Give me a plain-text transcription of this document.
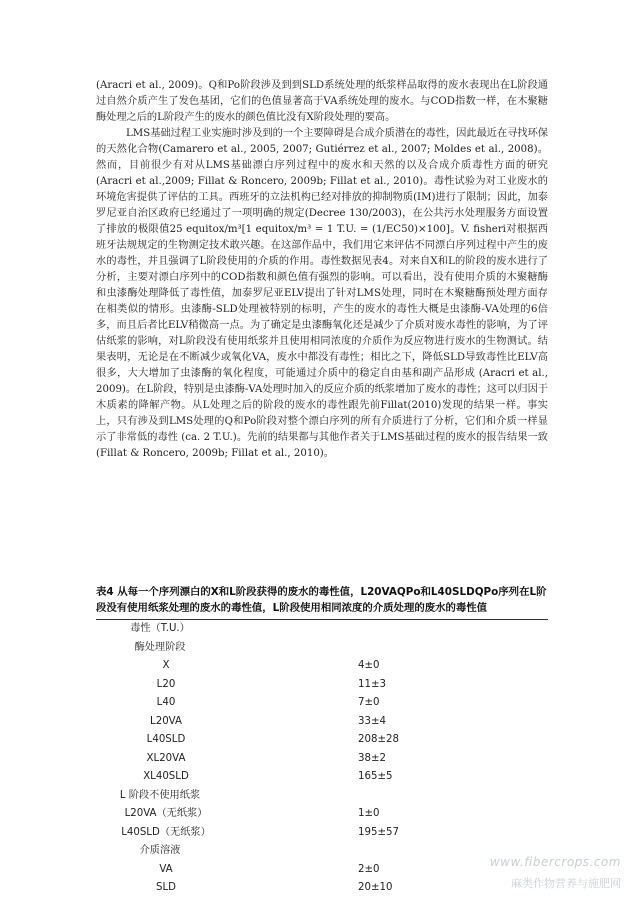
(Aracri et al., 2009)。Q和Po阶段涉及到到SLD系统处理的纸浆样品取得的废水表现出在L阶段通过自然介质产生了发色基团，它们的色值显著高于VA系统处理的废水。与COD指数一样，在木聚糖酶处理之后的L阶段产生的废水的颜色值比没有X阶段处理的要高。

LMS基础过程工业实施时涉及到的一个主要障碍是合成介质潜在的毒性，因此最近在寻找环保的天然化合物(Camarero et al., 2005, 2007; Gutiérrez et al., 2007; Moldes et al., 2008)。然而，目前很少有对从LMS基础漂白序列过程中的废水和天然的以及合成介质毒性方面的研究(Aracri et al.,2009; Fillat & Roncero, 2009b; Fillat et al., 2010)。毒性试验为对工业废水的环境危害提供了评估的工具。西班牙的立法机构已经对排放的抑制物质(IM)进行了限制；因此，加泰罗尼亚自治区政府已经通过了一项明确的规定(Decree 130/2003)，在公共污水处理服务方面设置了排放的极限值25 equitox/m³[1 equitox/m³ = 1 T.U. = (1/EC50)×100]。V. fisheri对根据西班牙法规规定的生物测定技术敢兴趣。在这部作品中，我们用它来评估不同漂白序列过程中产生的废水的毒性，并且强调了L阶段使用的介质的作用。毒性数据见表4。对来自X和L的阶段的废水进行了分析，主要对漂白序列中的COD指数和颜色值有强烈的影响。可以看出，没有使用介质的木聚糖酶和虫漆酶处理降低了毒性值，加泰罗尼亚ELV提出了针对LMS处理，同时在木聚糖酶预处理方面存在相类似的情形。虫漆酶-SLD处理被特别的标明，产生的废水的毒性大概是虫漆酶-VA处理的6倍多，而且后者比ELV稍微高一点。为了确定是虫漆酶氧化还是减少了介质对废水毒性的影响，为了评估纸浆的影响，对L阶段没有使用纸浆并且使用相同浓度的介质作为反应物进行废水的生物测试。结果表明，无论是在不断减少或氧化VA，废水中都没有毒性；相比之下，降低SLD导致毒性比ELV高很多，大大增加了虫漆酶的氧化程度，可能通过介质中的稳定自由基和副产品形成 (Aracri et al., 2009)。在L阶段，特别是虫漆酶-VA处理时加入的反应介质的纸浆增加了废水的毒性；这可以归因于木质素的降解产物。从L处理之后的阶段的废水的毒性跟先前Fillat(2010)发现的结果一样。事实上，只有涉及到LMS处理的Q和Po阶段对整个漂白序列的所有介质进行了分析，它们和介质一样显示了非常低的毒性 (ca. 2 T.U.)。先前的结果都与其他作者关于LMS基础过程的废水的报告结果一致 (Fillat & Roncero, 2009b; Fillat et al., 2010)。

表4 从每一个序列漂白的X和L阶段获得的废水的毒性值，L20VAQPo和L40SLDQPo序列在L阶段没有使用纸浆处理的废水的毒性值，L阶段使用相同浓度的介质处理的废水的毒性值
毒性（T.U.）
酶处理阶段
X	4±0
L20	11±3
L40	7±0
L20VA	33±4
L40SLD	208±28
XL20VA	38±2
XL40SLD	165±5
L 阶段不使用纸浆
L20VA（无纸浆）	1±0
L40SLD（无纸浆）	195±57
介质溶液
VA	2±0
SLD	20±10
www.fibercrops.com
麻类作物营养与施肥网
